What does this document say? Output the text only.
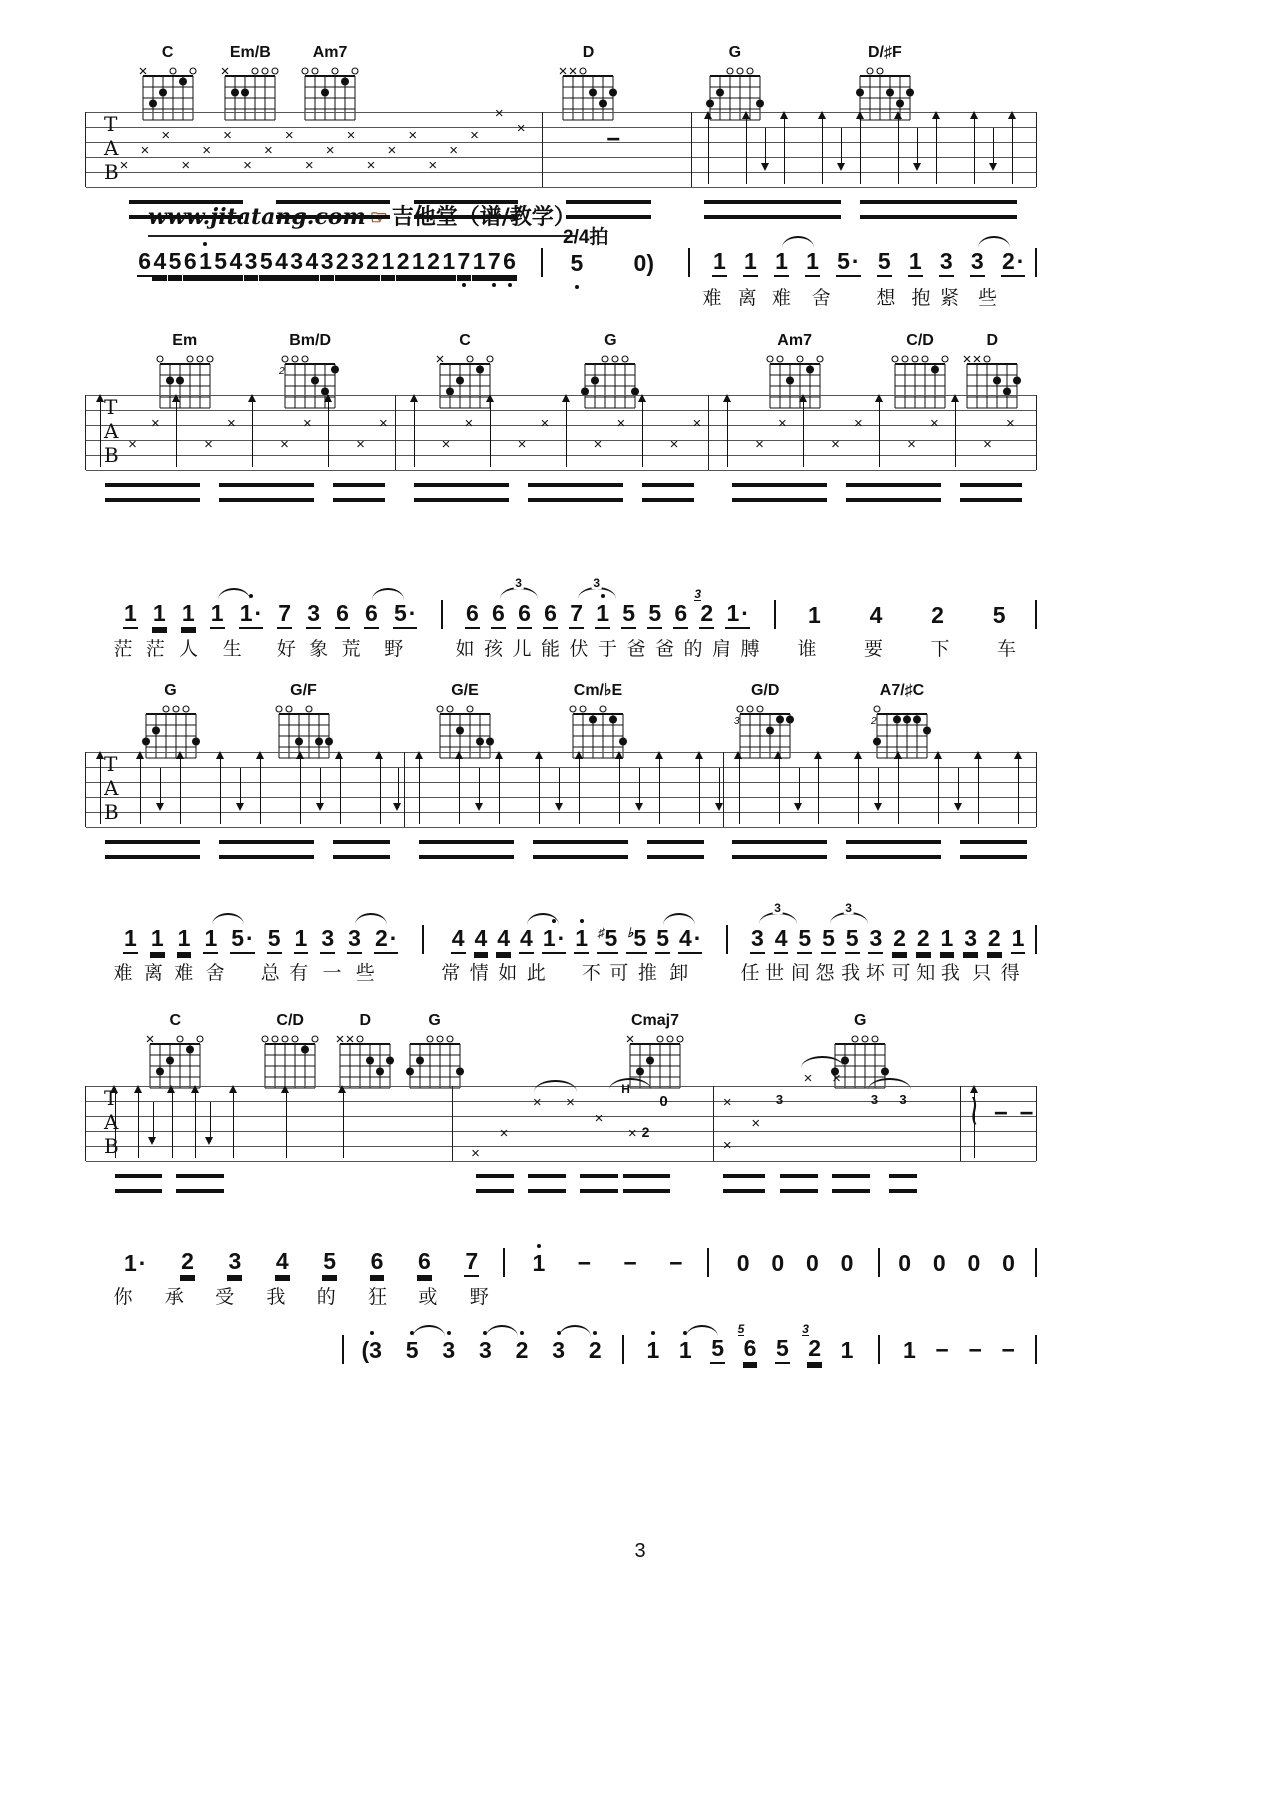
www.jitatang.com ☞ 吉他堂（谱/教学）
2/4拍
C	Em/B	Am7	D	G	D/♯F
T
A
B ×
×
×
×
×
×
×
×
×
×
×
×
×
×
×
×
×
×
×
×	−
Em	Bm/D
2
C	G	Am7	C/D	D
T
A
B ×
×
×
×
×
×
×
×
×
×
×
×
×
×
×
×
×
×
×
×
×
×
×
×
G	G/F	G/E	Cm/♭E	G/D
3
A7/♯C
2
T
A
B
C	C/D	D	G	Cmaj7	G
T
A
B	×
×
× ×
×
×
H
2
0	×
×
×
3
× ×
3 3 ≀ − −
6 4 5 6 1 5 4 3 5 4 3 4 3 2 3 2 1 2 1 2 1 7 1 7 6 5 0)	1 1 1 1 5· 5 1 3 3 2·
1 1 1 1 1
· 7 3 6 6 5· 6 6
3
6 6 7
3
1 5 5 6
3
2 1·	1 4 2 5
1 1 1 1 5· 5 1 3 3 2· 4 4 4 4 1
· 1 ♯5 ♭5 5 4· 3
3
4 5 5
3
5 3 2 2 1 3 2 1
1· 2 3 4 5 6 6 7 1 − − − 0 0 0 0 0 0 0 0
(3 5 3 3 2 3 2 1 1 5
5
6 5
3
2 1 1 − − −
难 离 难 舍 想 抱 紧 些
茫 茫 人 生 好 象 荒 野	如 孩 儿 能 伏 于 爸 爸 的 肩 膊 谁 要 下 车
难 离 难 舍 总 有 一 些	常 情 如 此 不 可 推 卸	任 世 间 怨 我 坏 可 知 我 只 得
你 承 受 我 的 狂 或 野
3
